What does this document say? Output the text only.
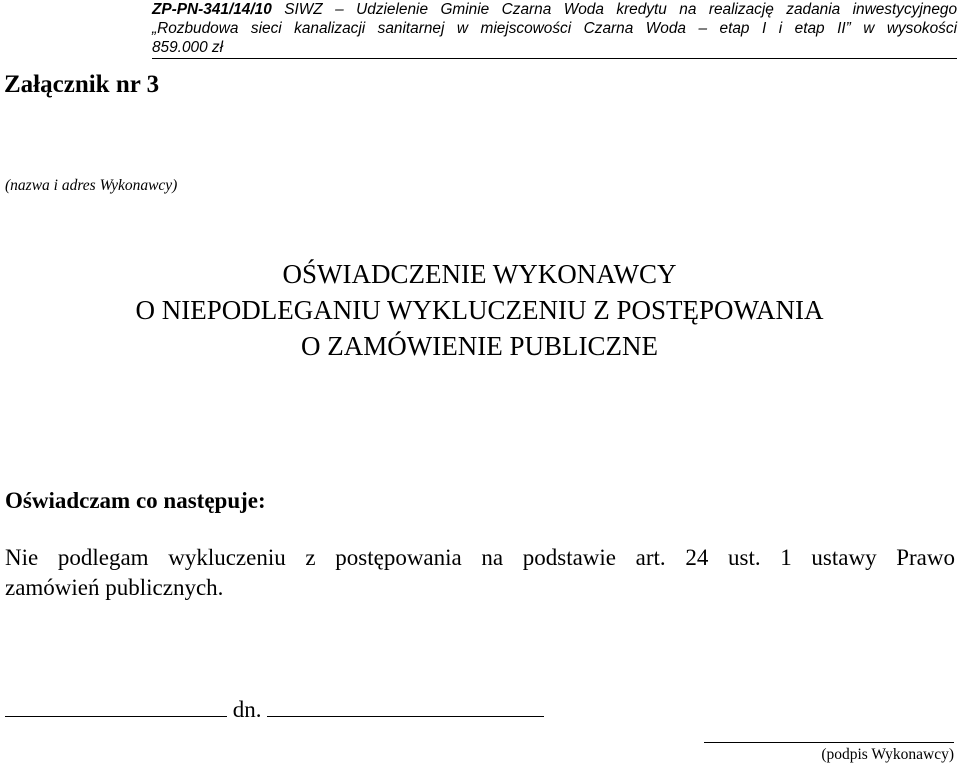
ZP-PN-341/14/10 SIWZ – Udzielenie Gminie Czarna Woda kredytu na realizację zadania inwestycyjnego
„Rozbudowa sieci kanalizacji sanitarnej w miejscowości Czarna Woda – etap I i etap II” w wysokości
859.000 zł
Załącznik nr 3
(nazwa i adres Wykonawcy)
OŚWIADCZENIE WYKONAWCY
O NIEPODLEGANIU WYKLUCZENIU Z POSTĘPOWANIA
O ZAMÓWIENIE PUBLICZNE
Oświadczam co następuje:
Nie podlegam wykluczeniu z postępowania na podstawie art. 24 ust. 1 ustawy Prawo
zamówień publicznych.
dn.
(podpis Wykonawcy)
